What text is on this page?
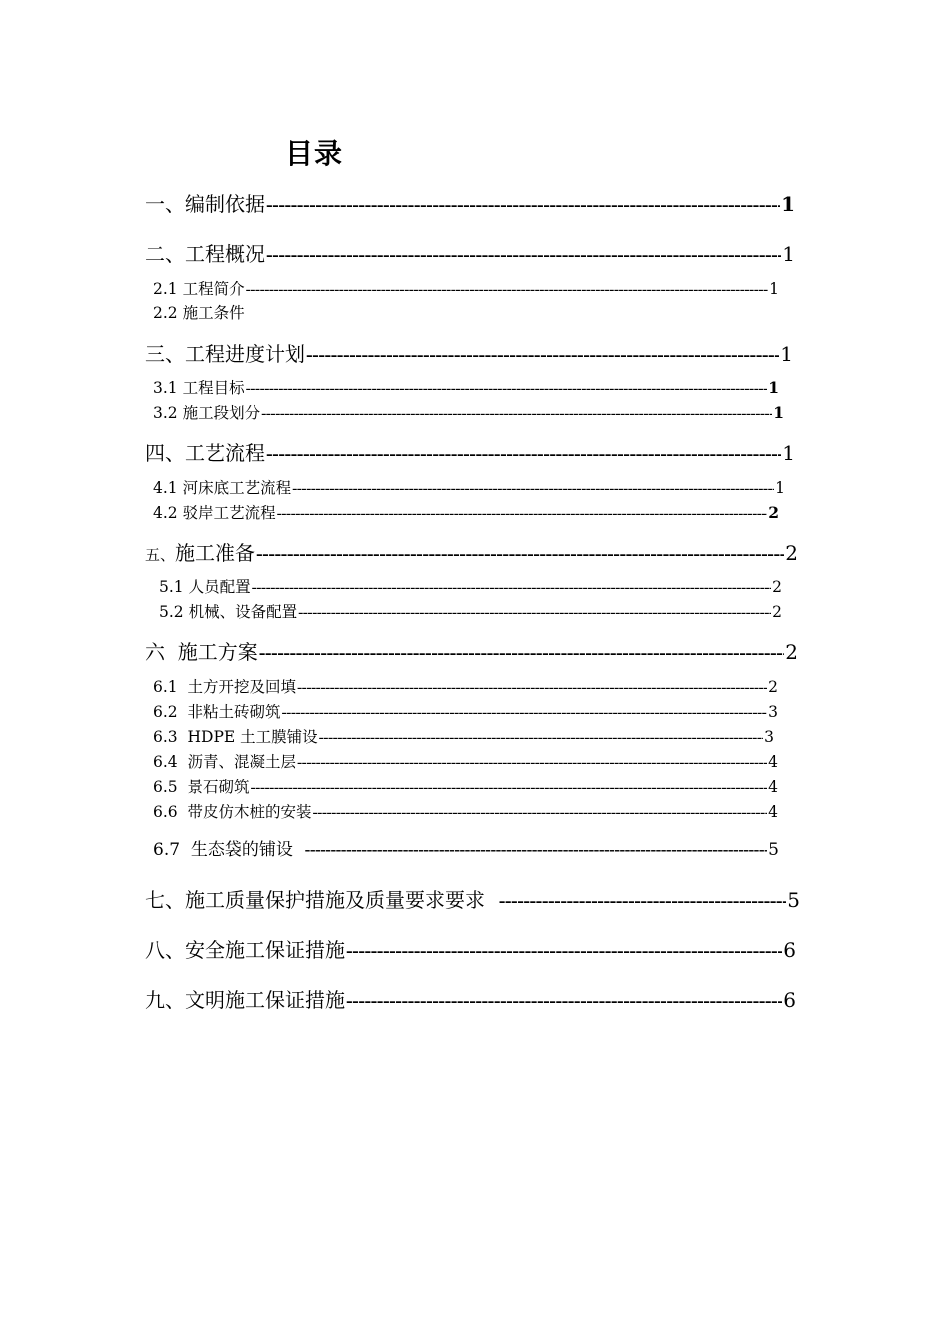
目录
一、编制依据 -----	1
二、工程概况 -----	1
2.1 工程简介 -----	1
2.2 施工条件
三、工程进度计划 -----	1
3.1 工程目标 -----	1
3.2 施工段划分 -----	1
四、工艺流程 -----	1
4.1 河床底工艺流程 -----	1
4.2 驳岸工艺流程 -----	2
五、施工准备 -----	2
5.1 人员配置 -----	2
5.2 机械、设备配置 -----	2
六  施工方案 -----	2
6.1  土方开挖及回填 -----	2
6.2  非粘土砖砌筑 -----	3
6.3  HDPE 土工膜铺设 -----	3
6.4  沥青、混凝土层 -----	4
6.5  景石砌筑 -----	4
6.6  带皮仿木桩的安装 -----	4
6.7  生态袋的铺设 -----	5
七、施工质量保护措施及质量要求要求 -----	5
八、安全施工保证措施 -----	6
九、文明施工保证措施 -----	6
